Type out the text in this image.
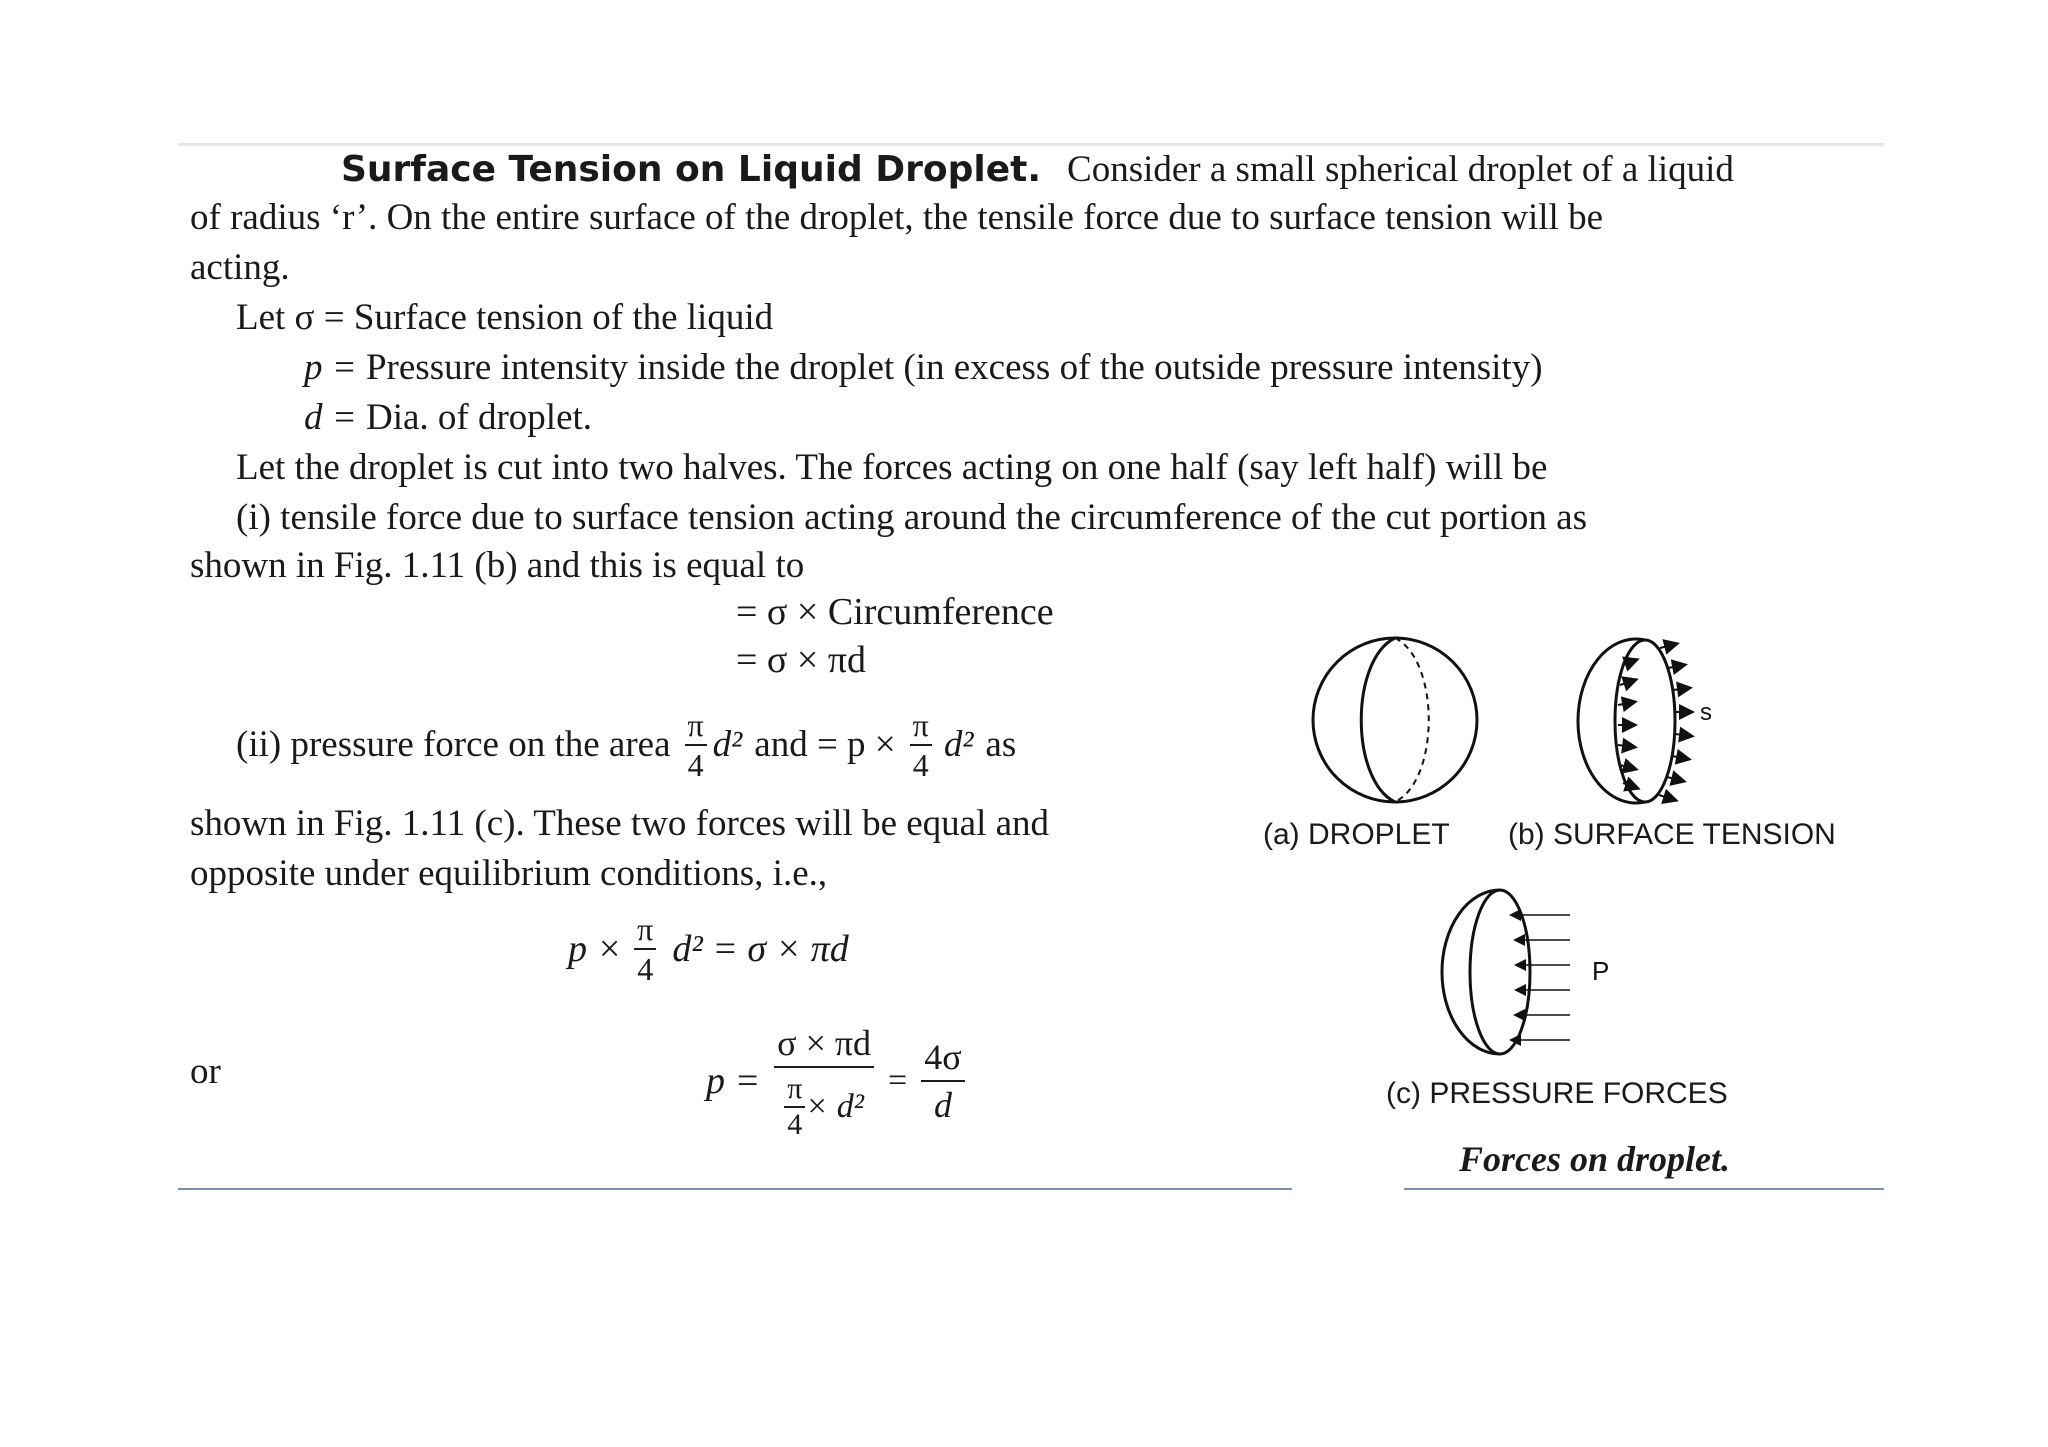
Surface Tension on Liquid Droplet. Consider a small spherical droplet of a liquid
of radius ‘r’. On the entire surface of the droplet, the tensile force due to surface tension will be
acting.
Let σ = Surface tension of the liquid
p = Pressure intensity inside the droplet (in excess of the outside pressure intensity)
d = Dia. of droplet.
Let the droplet is cut into two halves. The forces acting on one half (say left half) will be
(i) tensile force due to surface tension acting around the circumference of the cut portion as
shown in Fig. 1.11 (b) and this is equal to
= σ × Circumference
= σ × πd
(ii) pressure force on the area $\frac{\pi}{4} d^2$ and = $p \times \frac{\pi}{4} d^2$ as
shown in Fig. 1.11 (c). These two forces will be equal and
opposite under equilibrium conditions, i.e.,
$p \times \frac{\pi}{4} d^2 = \sigma \times \pi d$
or	$p = \frac{\sigma \times \pi d}{\frac{\pi}{4} \times d^2} = \frac{4\sigma}{d}$
s
P
(a) DROPLET (b) SURFACE TENSION
(c) PRESSURE FORCES
Forces on droplet.
